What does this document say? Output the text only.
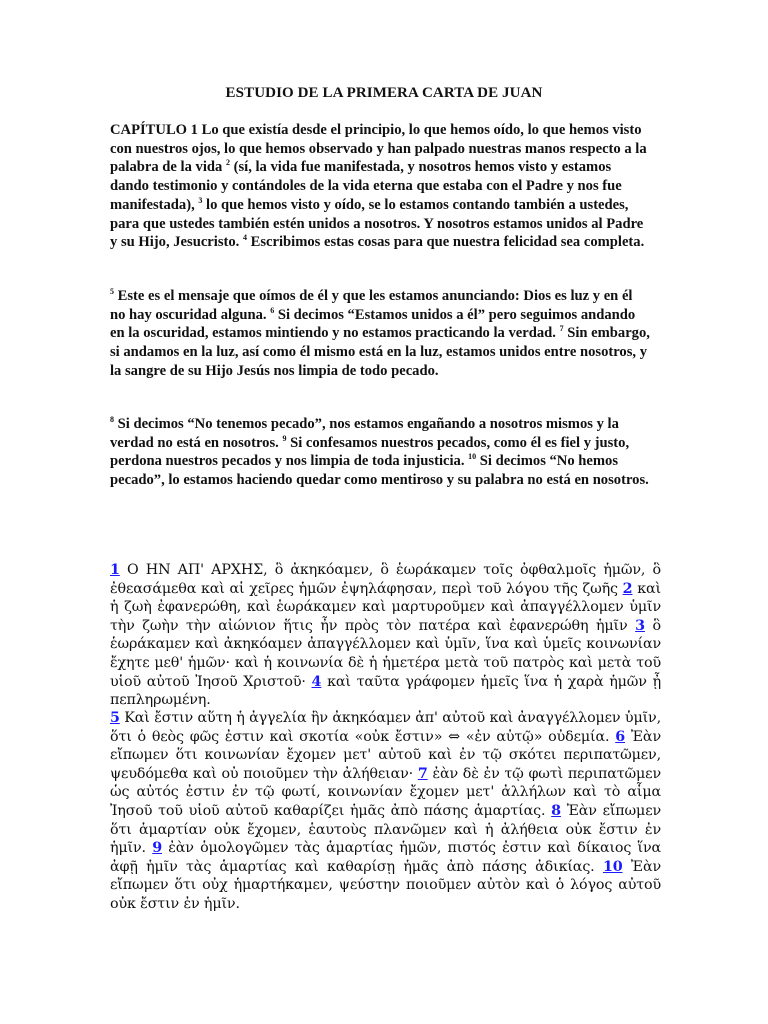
ESTUDIO DE LA PRIMERA CARTA DE JUAN

CAPÍTULO 1 Lo que existía desde el principio, lo que hemos oído, lo que hemos visto con nuestros ojos, lo que hemos observado y han palpado nuestras manos respecto a la palabra de la vida $^2$ (sí, la vida fue manifestada, y nosotros hemos visto y estamos dando testimonio y contándoles de la vida eterna que estaba con el Padre y nos fue manifestada), $^3$ lo que hemos visto y oído, se lo estamos contando también a ustedes, para que ustedes también estén unidos a nosotros. Y nosotros estamos unidos al Padre y su Hijo, Jesucristo. $^4$ Escribimos estas cosas para que nuestra felicidad sea completa.

$^5$ Este es el mensaje que oímos de él y que les estamos anunciando: Dios es luz y en él no hay oscuridad alguna. $^6$ Si decimos “Estamos unidos a él” pero seguimos andando en la oscuridad, estamos mintiendo y no estamos practicando la verdad. $^7$ Sin embargo, si andamos en la luz, así como él mismo está en la luz, estamos unidos entre nosotros, y la sangre de su Hijo Jesús nos limpia de todo pecado.

$^8$ Si decimos “No tenemos pecado”, nos estamos engañando a nosotros mismos y la verdad no está en nosotros. $^9$ Si confesamos nuestros pecados, como él es fiel y justo, perdona nuestros pecados y nos limpia de toda injusticia. $^{10}$ Si decimos “No hemos pecado”, lo estamos haciendo quedar como mentiroso y su palabra no está en nosotros.

1 Ο ΗΝ ΑΠ' ΑΡΧΗΣ, ὃ ἀκηκόαμεν, ὃ ἑωράκαμεν τοῖς ὀφθαλμοῖς ἡμῶν, ὃ ἐθεασάμεθα καὶ αἱ χεῖρες ἡμῶν ἐψηλάφησαν, περὶ τοῦ λόγου τῆς ζωῆς 2 καὶ ἡ ζωὴ ἐφανερώθη, καὶ ἑωράκαμεν καὶ μαρτυροῦμεν καὶ ἀπαγγέλλομεν ὑμῖν τὴν ζωὴν τὴν αἰώνιον ἥτις ἦν πρὸς τὸν πατέρα καὶ ἐφανερώθη ἡμῖν 3 ὃ ἑωράκαμεν καὶ ἀκηκόαμεν ἀπαγγέλλομεν καὶ ὑμῖν, ἵνα καὶ ὑμεῖς κοινωνίαν ἔχητε μεθ' ἡμῶν· καὶ ἡ κοινωνία δὲ ἡ ἡμετέρα μετὰ τοῦ πατρὸς καὶ μετὰ τοῦ υἱοῦ αὐτοῦ Ἰησοῦ Χριστοῦ· 4 καὶ ταῦτα γράφομεν ἡμεῖς ἵνα ἡ χαρὰ ἡμῶν ᾖ πεπληρωμένη.

5 Καὶ ἔστιν αὕτη ἡ ἀγγελία ἣν ἀκηκόαμεν ἀπ' αὐτοῦ καὶ ἀναγγέλλομεν ὑμῖν, ὅτι ὁ θεὸς φῶς ἐστιν καὶ σκοτία «οὐκ ἔστιν» ⇔ «ἐν αὐτῷ» οὐδεμία. 6 Ἐὰν εἴπωμεν ὅτι κοινωνίαν ἔχομεν μετ' αὐτοῦ καὶ ἐν τῷ σκότει περιπατῶμεν, ψευδόμεθα καὶ οὐ ποιοῦμεν τὴν ἀλήθειαν· 7 ἐὰν δὲ ἐν τῷ φωτὶ περιπατῶμεν ὡς αὐτός ἐστιν ἐν τῷ φωτί, κοινωνίαν ἔχομεν μετ' ἀλλήλων καὶ τὸ αἷμα Ἰησοῦ τοῦ υἱοῦ αὐτοῦ καθαρίζει ἡμᾶς ἀπὸ πάσης ἁμαρτίας. 8 Ἐὰν εἴπωμεν ὅτι ἁμαρτίαν οὐκ ἔχομεν, ἑαυτοὺς πλανῶμεν καὶ ἡ ἀλήθεια οὐκ ἔστιν ἐν ἡμῖν. 9 ἐὰν ὁμολογῶμεν τὰς ἁμαρτίας ἡμῶν, πιστός ἐστιν καὶ δίκαιος ἵνα ἀφῇ ἡμῖν τὰς ἁμαρτίας καὶ καθαρίσῃ ἡμᾶς ἀπὸ πάσης ἀδικίας. 10 Ἐὰν εἴπωμεν ὅτι οὐχ ἡμαρτήκαμεν, ψεύστην ποιοῦμεν αὐτὸν καὶ ὁ λόγος αὐτοῦ οὐκ ἔστιν ἐν ἡμῖν.
